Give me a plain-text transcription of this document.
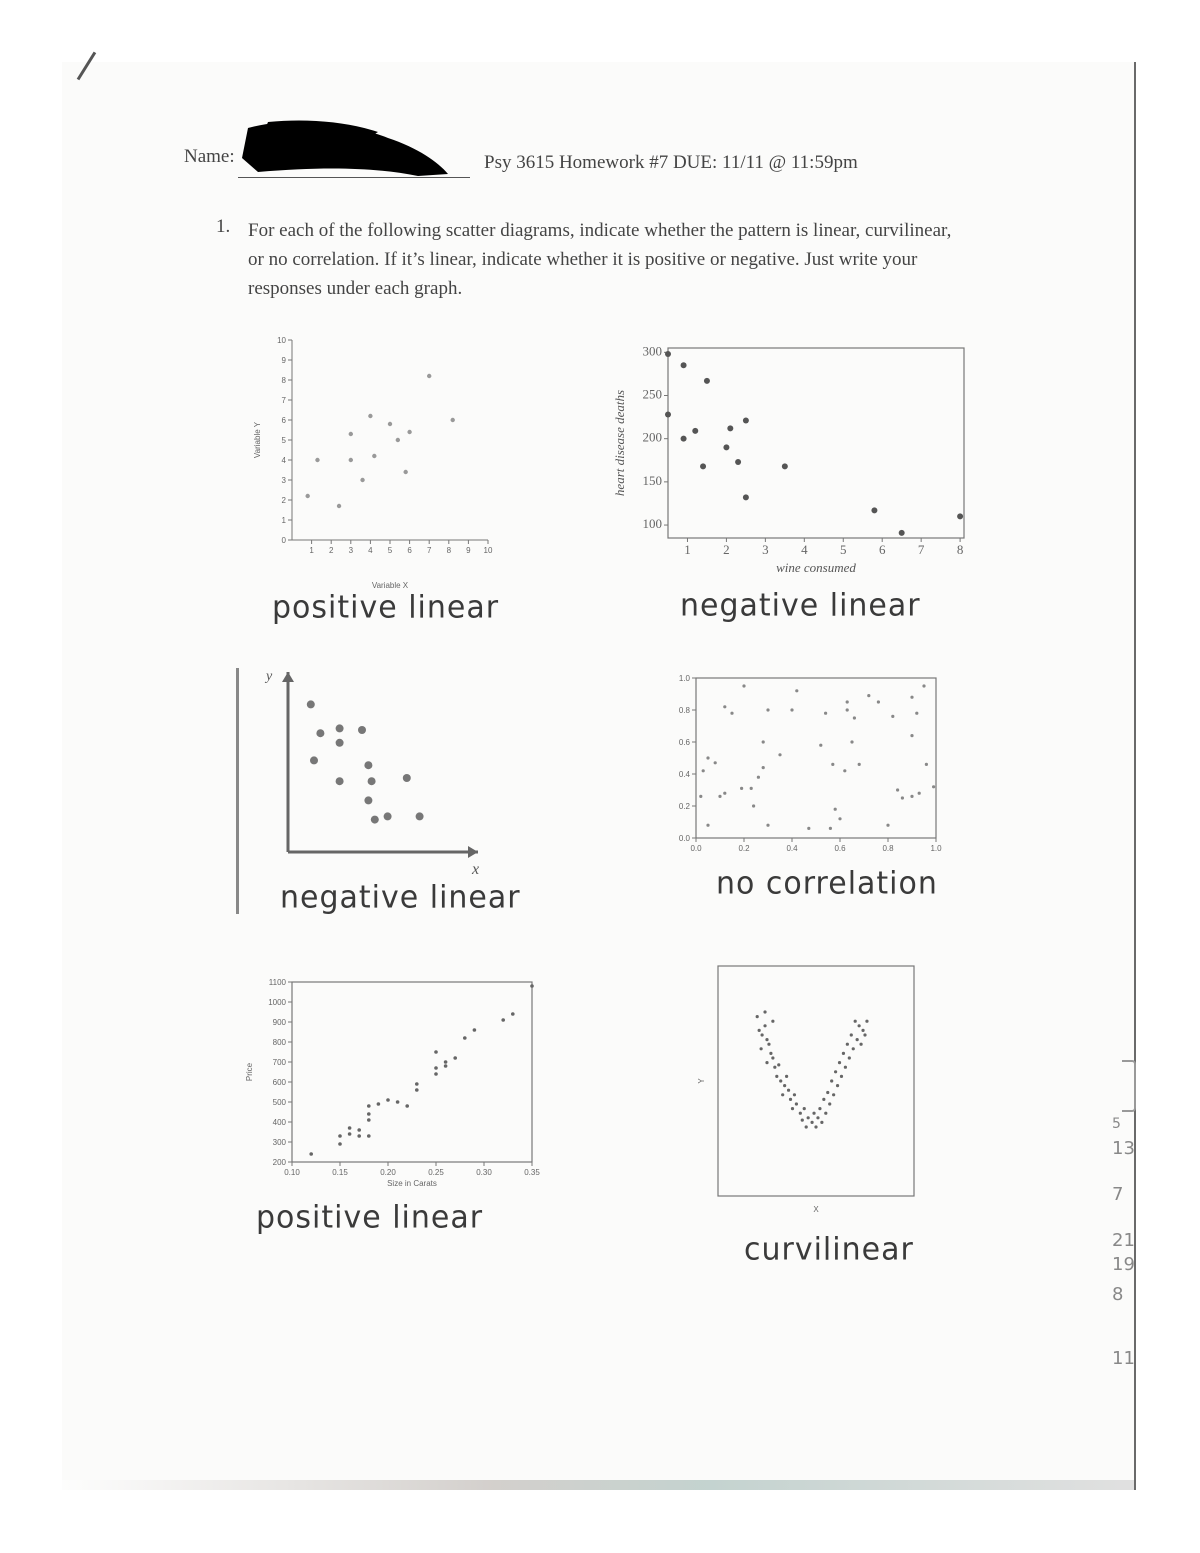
Name:	Psy 3615 Homework #7 DUE: 11/11 @ 11:59pm
1. For each of the following scatter diagrams, indicate whether the pattern is linear, curvilinear, or no correlation. If it’s linear, indicate whether it is positive or negative. Just write your responses under each graph.
1 2 3 4 5 6 7 8 9 10
0
1
2
3
4
5
6
7
8
9
10
Variable X
Variable Y
positive linear
1 2 3 4 5 6 7 8
100
150
200
250
300
wine consumed
heart disease deaths
negative linear
y
x
negative linear
0.0	0.2	0.4	0.6	0.8	1.0
0.0
0.2
0.4
0.6
0.8
1.0
no correlation
0.10	0.15	0.20	0.25	0.30	0.35
200
300
400
500
600
700
800
900
1000
1100
Size in Carats
Price
positive linear	X
Y
curvilinear
5
13
7
21
19
8
11
